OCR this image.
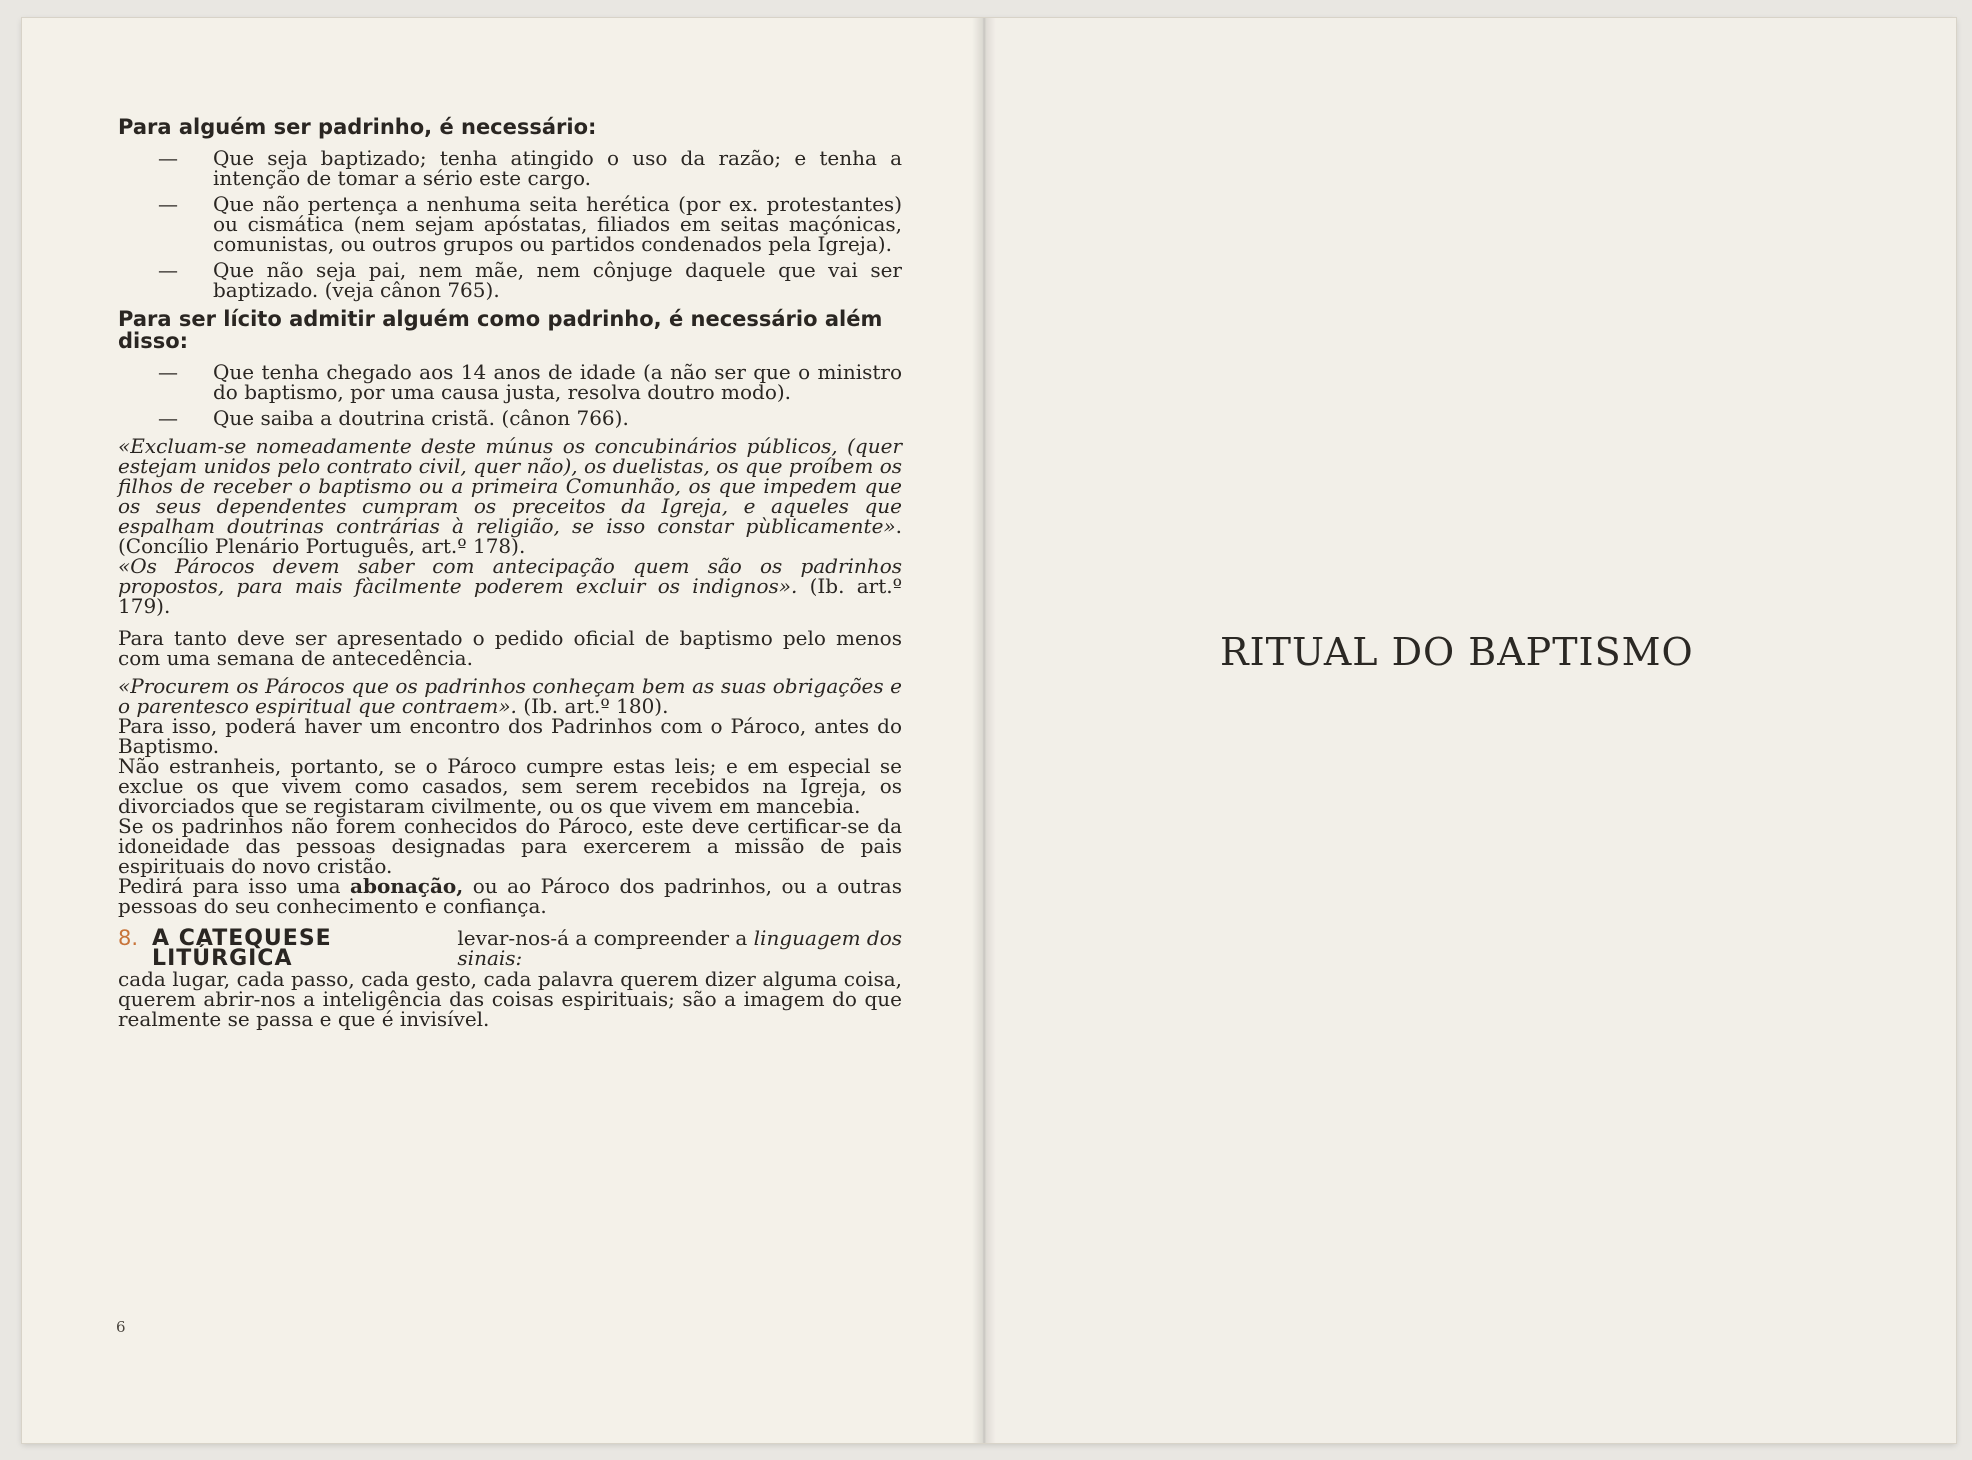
Para alguém ser padrinho, é necessário:
— Que seja baptizado; tenha atingido o uso da razão; e tenha a intenção de tomar a sério este cargo.
— Que não pertença a nenhuma seita herética (por ex. protestantes) ou cismática (nem sejam apóstatas, filiados em seitas maçónicas, comunistas, ou outros grupos ou partidos condenados pela Igreja).
— Que não seja pai, nem mãe, nem cônjuge daquele que vai ser baptizado. (veja cânon 765).
Para ser lícito admitir alguém como padrinho, é necessário além disso:
— Que tenha chegado aos 14 anos de idade (a não ser que o ministro do baptismo, por uma causa justa, resolva doutro modo).
— Que saiba a doutrina cristã. (cânon 766).

«Excluam-se nomeadamente deste múnus os concubinários públicos, (quer estejam unidos pelo contrato civil, quer não), os duelistas, os que proíbem os filhos de receber o baptismo ou a primeira Comunhão, os que impedem que os seus dependentes cumpram os preceitos da Igreja, e aqueles que espalham doutrinas contrárias à religião, se isso constar pùblicamente». (Concílio Plenário Português, art.º 178).

«Os Párocos devem saber com antecipação quem são os padrinhos propostos, para mais fàcilmente poderem excluir os indignos». (Ib. art.º 179).

Para tanto deve ser apresentado o pedido oficial de baptismo pelo menos com uma semana de antecedência.

«Procurem os Párocos que os padrinhos conheçam bem as suas obrigações e o parentesco espiritual que contraem». (Ib. art.º 180).

Para isso, poderá haver um encontro dos Padrinhos com o Pároco, antes do Baptismo.

Não estranheis, portanto, se o Pároco cumpre estas leis; e em especial se exclue os que vivem como casados, sem serem recebidos na Igreja, os divorciados que se registaram civilmente, ou os que vivem em mancebia.

Se os padrinhos não forem conhecidos do Pároco, este deve certificar-se da idoneidade das pessoas designadas para exercerem a missão de pais espirituais do novo cristão.

Pedirá para isso uma abonação, ou ao Pároco dos padrinhos, ou a outras pessoas do seu conhecimento e confiança.

8. A CATEQUESE LITÚRGICA
levar-nos-á a compreender a linguagem dos sinais:

cada lugar, cada passo, cada gesto, cada palavra querem dizer alguma coisa, querem abrir-nos a inteligência das coisas espirituais; são a imagem do que realmente se passa e que é invisível.

6
RITUAL DO BAPTISMO
